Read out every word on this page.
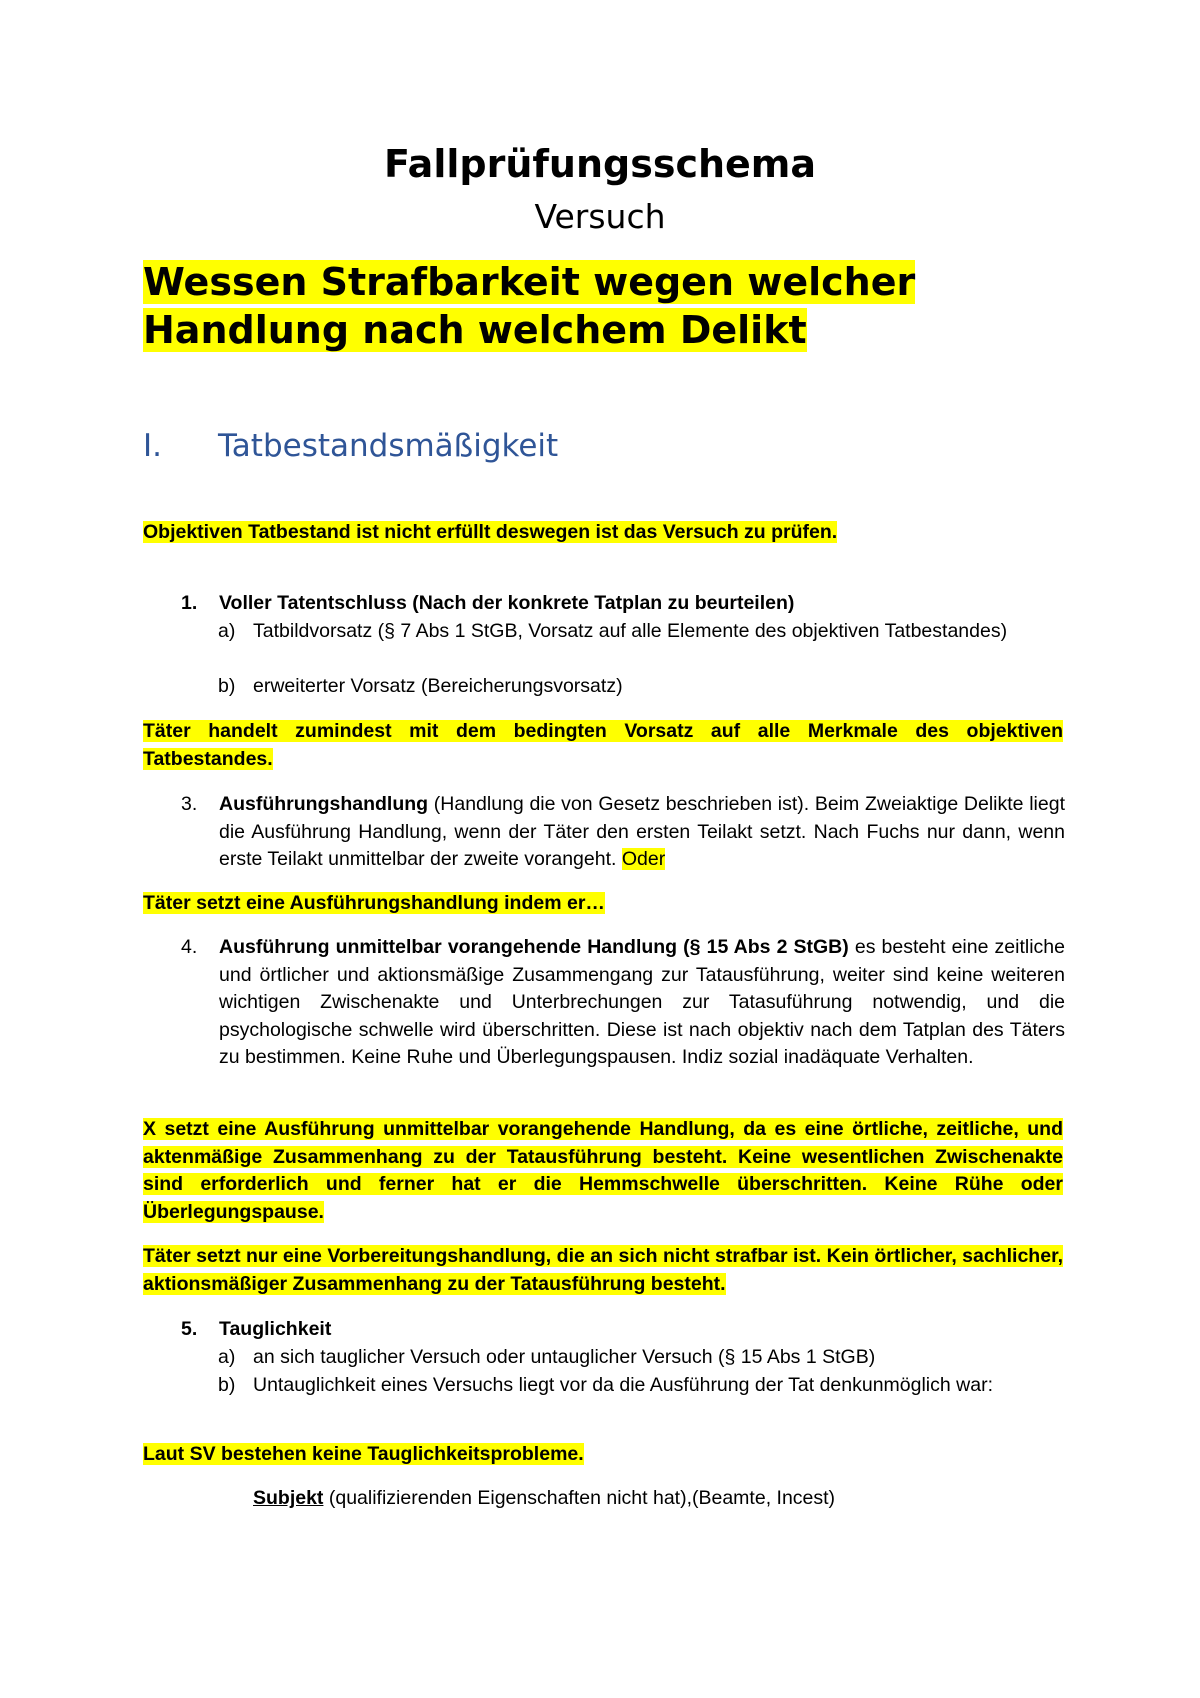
Fallprüfungsschema
Versuch
Wessen Strafbarkeit wegen welcher
Handlung nach welchem Delikt
I. Tatbestandsmäßigkeit
Objektiven Tatbestand ist nicht erfüllt deswegen ist das Versuch zu prüfen.
1. Voller Tatentschluss (Nach der konkrete Tatplan zu beurteilen)
a) Tatbildvorsatz (§ 7 Abs 1 StGB, Vorsatz auf alle Elemente des objektiven Tatbestandes)
b) erweiterter Vorsatz (Bereicherungsvorsatz)
Täter handelt zumindest mit dem bedingten Vorsatz auf alle Merkmale des objektiven Tatbestandes.
3. Ausführungshandlung (Handlung die von Gesetz beschrieben ist). Beim Zweiaktige Delikte liegt die Ausführung Handlung, wenn der Täter den ersten Teilakt setzt. Nach Fuchs nur dann, wenn erste Teilakt unmittelbar der zweite vorangeht. Oder
Täter setzt eine Ausführungshandlung indem er…
4. Ausführung unmittelbar vorangehende Handlung (§ 15 Abs 2 StGB) es besteht eine zeitliche und örtlicher und aktionsmäßige Zusammengang zur Tatausführung, weiter sind keine weiteren wichtigen Zwischenakte und Unterbrechungen zur Tatasuführung notwendig, und die psychologische schwelle wird überschritten. Diese ist nach objektiv nach dem Tatplan des Täters zu bestimmen. Keine Ruhe und Überlegungspausen. Indiz sozial inadäquate Verhalten.
X setzt eine Ausführung unmittelbar vorangehende Handlung, da es eine örtliche, zeitliche, und aktenmäßige Zusammenhang zu der Tatausführung besteht. Keine wesentlichen Zwischenakte sind erforderlich und ferner hat er die Hemmschwelle überschritten. Keine Rühe oder Überlegungspause.
Täter setzt nur eine Vorbereitungshandlung, die an sich nicht strafbar ist. Kein örtlicher, sachlicher, aktionsmäßiger Zusammenhang zu der Tatausführung besteht.
5. Tauglichkeit
a) an sich tauglicher Versuch oder untauglicher Versuch (§ 15 Abs 1 StGB)
b) Untauglichkeit eines Versuchs liegt vor da die Ausführung der Tat denkunmöglich war:
Laut SV bestehen keine Tauglichkeitsprobleme.
Subjekt (qualifizierenden Eigenschaften nicht hat),(Beamte, Incest)
